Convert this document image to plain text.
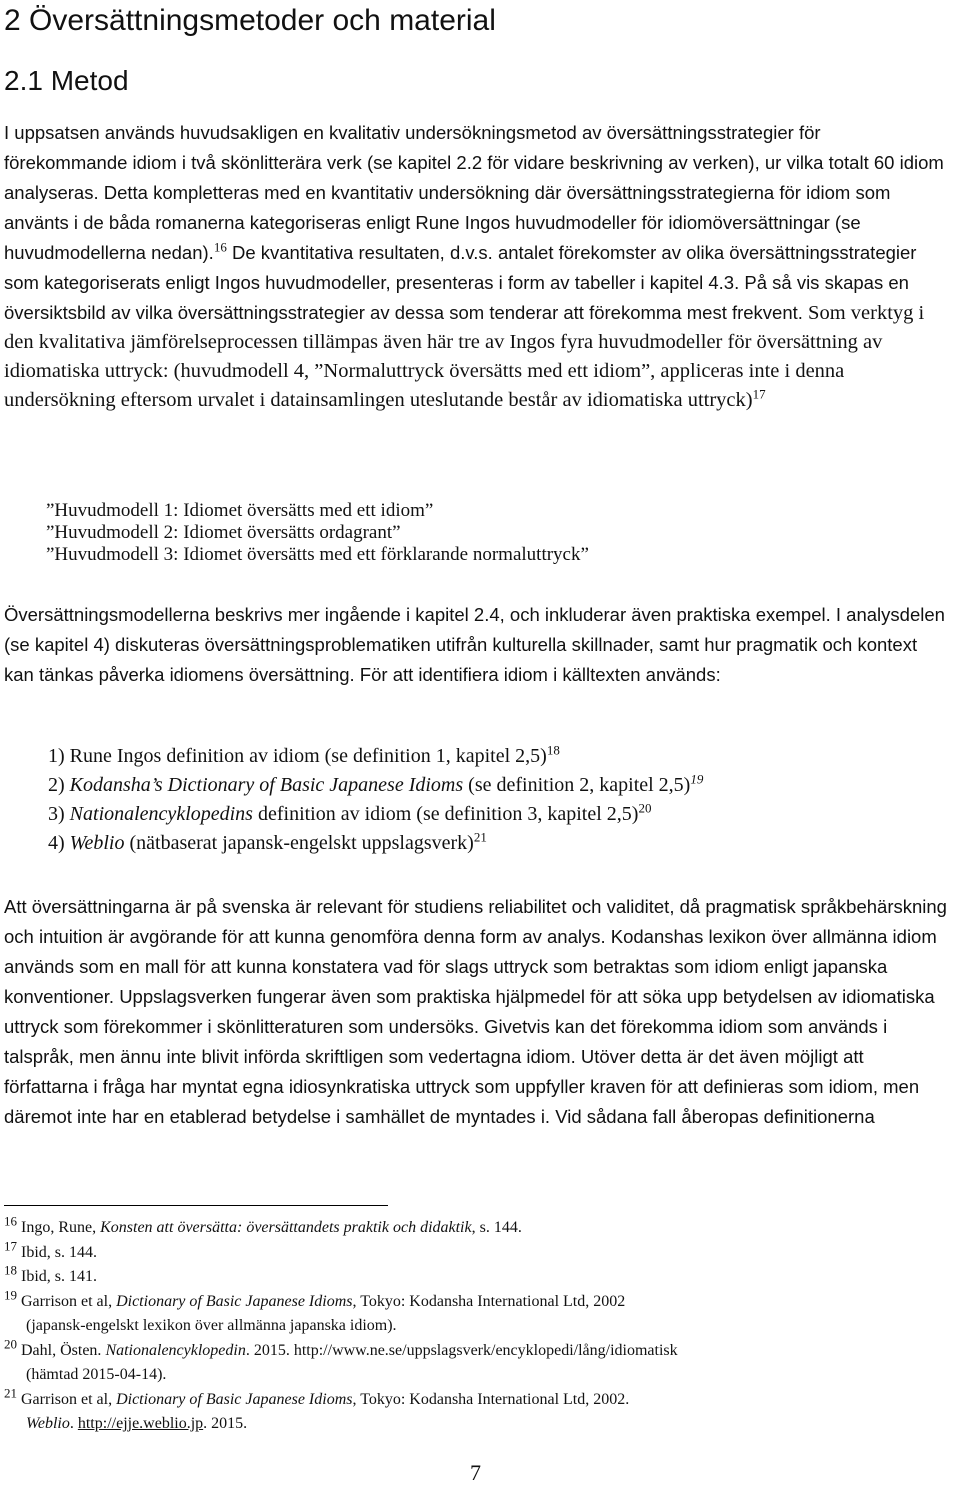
2 Översättningsmetoder och material
2.1 Metod
I uppsatsen används huvudsakligen en kvalitativ undersökningsmetod av översättningsstrategier för förekommande idiom i två skönlitterära verk (se kapitel 2.2 för vidare beskrivning av verken), ur vilka totalt 60 idiom analyseras. Detta kompletteras med en kvantitativ undersökning där översättningsstrategierna för idiom som använts i de båda romanerna kategoriseras enligt Rune Ingos huvudmodeller för idiomöversättningar (se huvudmodellerna nedan).$^{16}$ De kvantitativa resultaten, d.v.s. antalet förekomster av olika översättningsstrategier som kategoriserats enligt Ingos huvudmodeller, presenteras i form av tabeller i kapitel 4.3. På så vis skapas en översiktsbild av vilka översättningsstrategier av dessa som tenderar att förekomma mest frekvent. Som verktyg i den kvalitativa jämförelseprocessen tillämpas även här tre av Ingos fyra huvudmodeller för översättning av idiomatiska uttryck: (huvudmodell 4, ”Normaluttryck översätts med ett idiom”, appliceras inte i denna undersökning eftersom urvalet i datainsamlingen uteslutande består av idiomatiska uttryck)$^{17}$
”Huvudmodell 1: Idiomet översätts med ett idiom”
”Huvudmodell 2: Idiomet översätts ordagrant”
”Huvudmodell 3: Idiomet översätts med ett förklarande normaluttryck”
Översättningsmodellerna beskrivs mer ingående i kapitel 2.4, och inkluderar även praktiska exempel. I analysdelen (se kapitel 4) diskuteras översättningsproblematiken utifrån kulturella skillnader, samt hur pragmatik och kontext kan tänkas påverka idiomens översättning. För att identifiera idiom i källtexten används:
1) Rune Ingos definition av idiom (se definition 1, kapitel 2,5)$^{18}$
2) Kodansha’s Dictionary of Basic Japanese Idioms (se definition 2, kapitel 2,5)$^{19}$
3) Nationalencyklopedins definition av idiom (se definition 3, kapitel 2,5)$^{20}$
4) Weblio (nätbaserat japansk-engelskt uppslagsverk)$^{21}$
Att översättningarna är på svenska är relevant för studiens reliabilitet och validitet, då pragmatisk språkbehärskning och intuition är avgörande för att kunna genomföra denna form av analys. Kodanshas lexikon över allmänna idiom används som en mall för att kunna konstatera vad för slags uttryck som betraktas som idiom enligt japanska konventioner. Uppslagsverken fungerar även som praktiska hjälpmedel för att söka upp betydelsen av idiomatiska uttryck som förekommer i skönlitteraturen som undersöks. Givetvis kan det förekomma idiom som används i talspråk, men ännu inte blivit införda skriftligen som vedertagna idiom. Utöver detta är det även möjligt att författarna i fråga har myntat egna idiosynkratiska uttryck som uppfyller kraven för att definieras som idiom, men däremot inte har en etablerad betydelse i samhället de myntades i. Vid sådana fall åberopas definitionerna
$^{16}$ Ingo, Rune, Konsten att översätta: översättandets praktik och didaktik, s. 144.
$^{17}$ Ibid, s. 144.
$^{18}$ Ibid, s. 141.
$^{19}$ Garrison et al, Dictionary of Basic Japanese Idioms, Tokyo: Kodansha International Ltd, 2002
(japansk-engelskt lexikon över allmänna japanska idiom).
$^{20}$ Dahl, Östen. Nationalencyklopedin. 2015. http://www.ne.se/uppslagsverk/encyklopedi/lång/idiomatisk
(hämtad 2015-04-14).
$^{21}$ Garrison et al, Dictionary of Basic Japanese Idioms, Tokyo: Kodansha International Ltd, 2002.
Weblio. http://ejje.weblio.jp. 2015.
7
